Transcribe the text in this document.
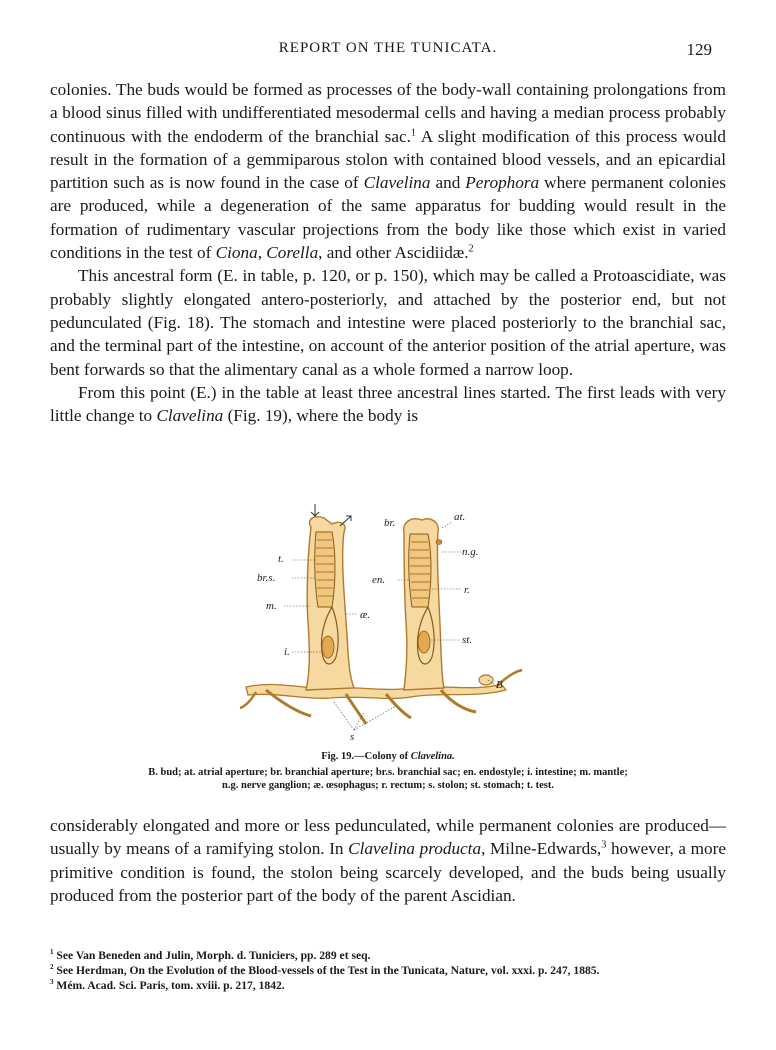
REPORT ON THE TUNICATA.	129

colonies. The buds would be formed as processes of the body-wall containing prolongations from a blood sinus filled with undifferentiated mesodermal cells and having a median process probably continuous with the endoderm of the branchial sac.$^1$ A slight modification of this process would result in the formation of a gemmiparous stolon with contained blood vessels, and an epicardial partition such as is now found in the case of Clavelina and Perophora where permanent colonies are produced, while a degeneration of the same apparatus for budding would result in the formation of rudimentary vascular projections from the body like those which exist in varied conditions in the test of Ciona, Corella, and other Ascidiidæ.$^2$

This ancestral form (E. in table, p. 120, or p. 150), which may be called a Protoascidiate, was probably slightly elongated antero-posteriorly, and attached by the posterior end, but not pedunculated (Fig. 18). The stomach and intestine were placed posteriorly to the branchial sac, and the terminal part of the intestine, on account of the anterior position of the atrial aperture, was bent forwards so that the alimentary canal as a whole formed a narrow loop.

From this point (E.) in the table at least three ancestral lines started. The first leads with very little change to Clavelina (Fig. 19), where the body is

br.	at.
t.
n.g.
br.s.	en.
r.
m.
æ.
st.
i.
B
s
Fig. 19.—Colony of Clavelina.
B. bud; at. atrial aperture; br. branchial aperture; br.s. branchial sac; en. endostyle; i. intestine; m. mantle;
n.g. nerve ganglion; æ. œsophagus; r. rectum; s. stolon; st. stomach; t. test.

considerably elongated and more or less pedunculated, while permanent colonies are produced—usually by means of a ramifying stolon. In Clavelina producta, Milne-Edwards,$^3$ however, a more primitive condition is found, the stolon being scarcely developed, and the buds being usually produced from the posterior part of the body of the parent Ascidian.

$^1$ See Van Beneden and Julin, Morph. d. Tuniciers, pp. 289 et seq.
$^2$ See Herdman, On the Evolution of the Blood-vessels of the Test in the Tunicata, Nature, vol. xxxi. p. 247, 1885.
$^3$ Mém. Acad. Sci. Paris, tom. xviii. p. 217, 1842.
